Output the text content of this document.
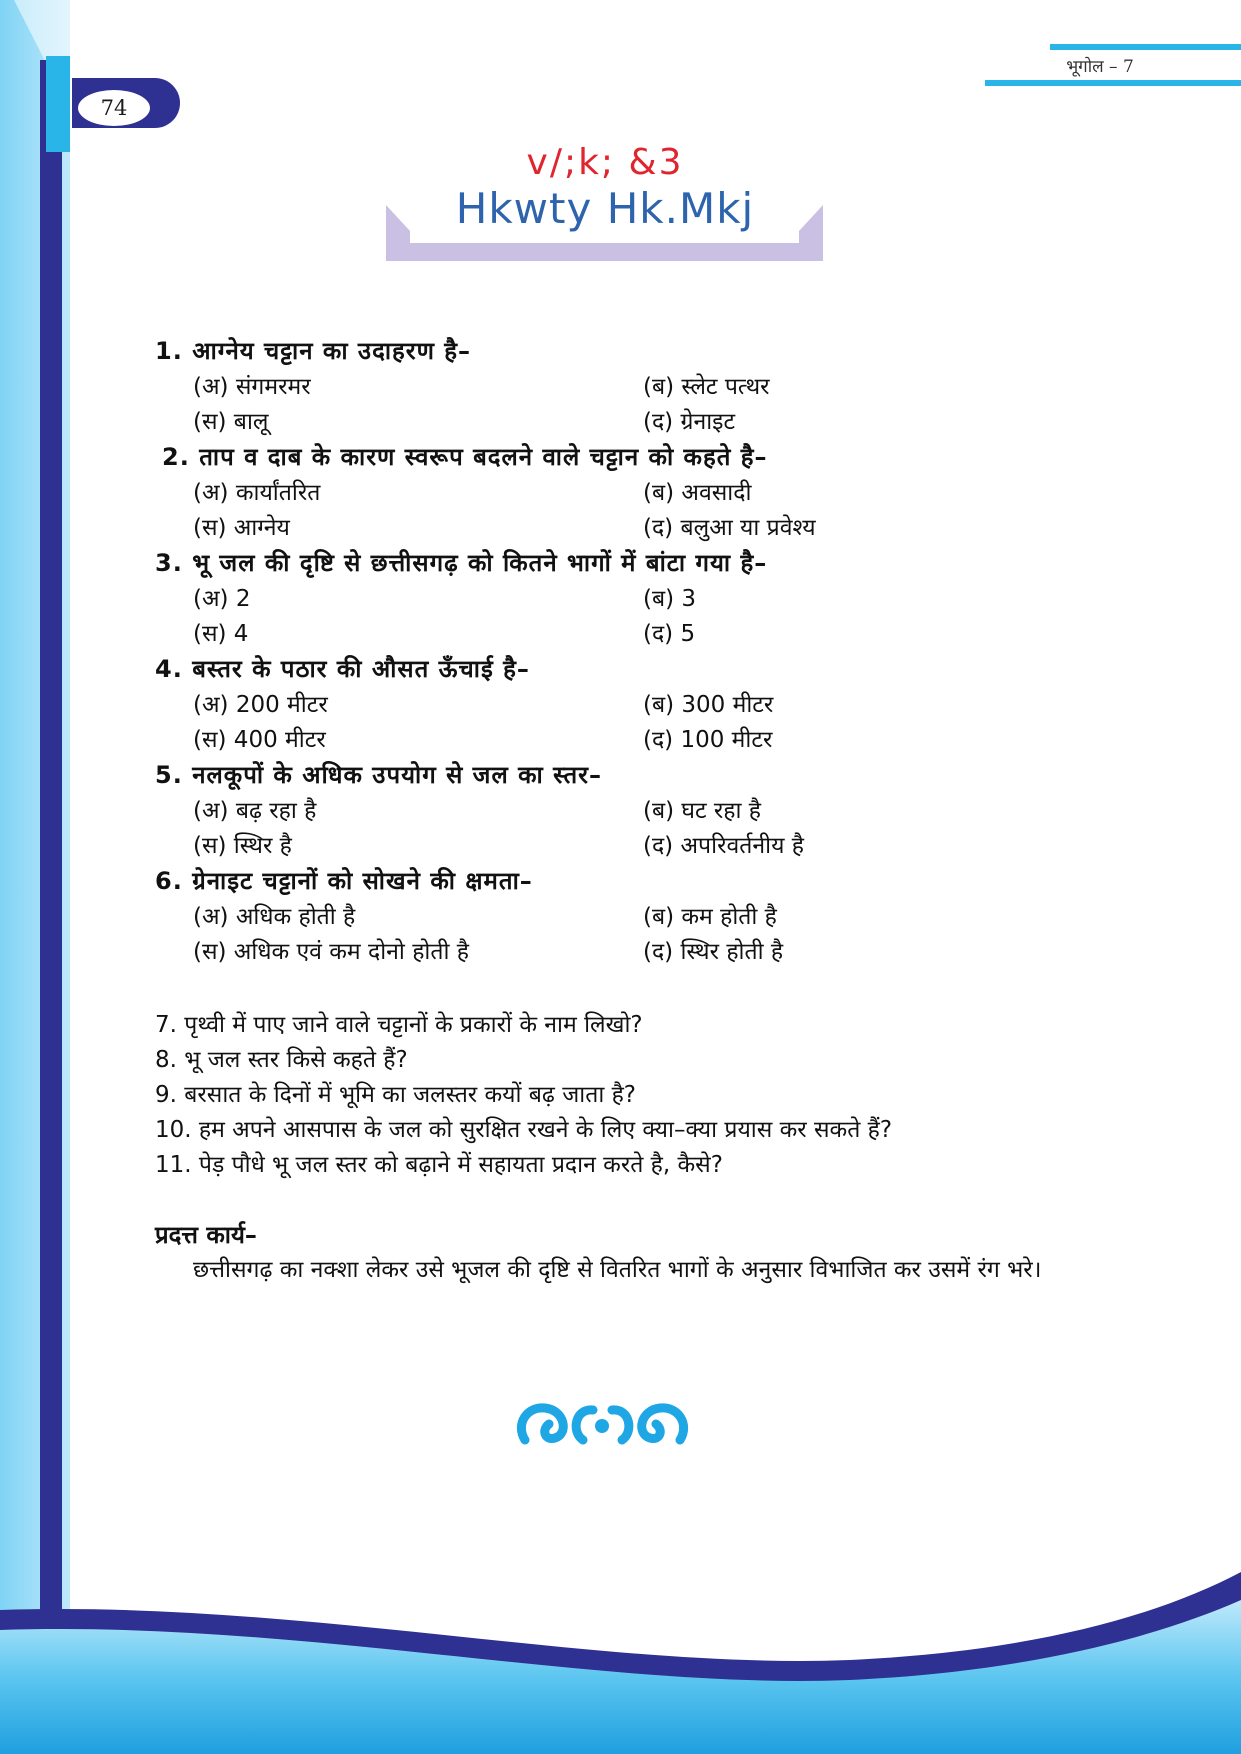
74
भूगोल – 7
v/;k; &3
Hkwty Hk.Mkj
1. आग्नेय चट्टान का उदाहरण है–
(अ) संगमरमर	(ब) स्लेट पत्थर
(स) बालू	(द) ग्रेनाइट
2. ताप व दाब के कारण स्वरूप बदलने वाले चट्टान को कहते है–
(अ) कार्यांतरित	(ब) अवसादी
(स) आग्नेय	(द) बलुआ या प्रवेश्य
3. भू जल की दृष्टि से छत्तीसगढ़ को कितने भागों में बांटा गया है–
(अ) 2	(ब) 3
(स) 4	(द) 5
4. बस्तर के पठार की औसत ऊँचाई है–
(अ) 200 मीटर	(ब) 300 मीटर
(स) 400 मीटर	(द) 100 मीटर
5. नलकूपों के अधिक उपयोग से जल का स्तर–
(अ) बढ़ रहा है	(ब) घट रहा है
(स) स्थिर है	(द) अपरिवर्तनीय है
6. ग्रेनाइट चट्टानों को सोखने की क्षमता–
(अ) अधिक होती है	(ब) कम होती है
(स) अधिक एवं कम दोनो होती है	(द) स्थिर होती है
7. पृथ्वी में पाए जाने वाले चट्टानों के प्रकारों के नाम लिखो?
8. भू जल स्तर किसे कहते हैं?
9. बरसात के दिनों में भूमि का जलस्तर कयों बढ़ जाता है?
10. हम अपने आसपास के जल को सुरक्षित रखने के लिए क्या–क्या प्रयास कर सकते हैं?
11. पेड़ पौधे भू जल स्तर को बढ़ाने में सहायता प्रदान करते है, कैसे?
प्रदत्त कार्य–
छत्तीसगढ़ का नक्शा लेकर उसे भूजल की दृष्टि से वितरित भागों के अनुसार विभाजित कर उसमें रंग भरे।
